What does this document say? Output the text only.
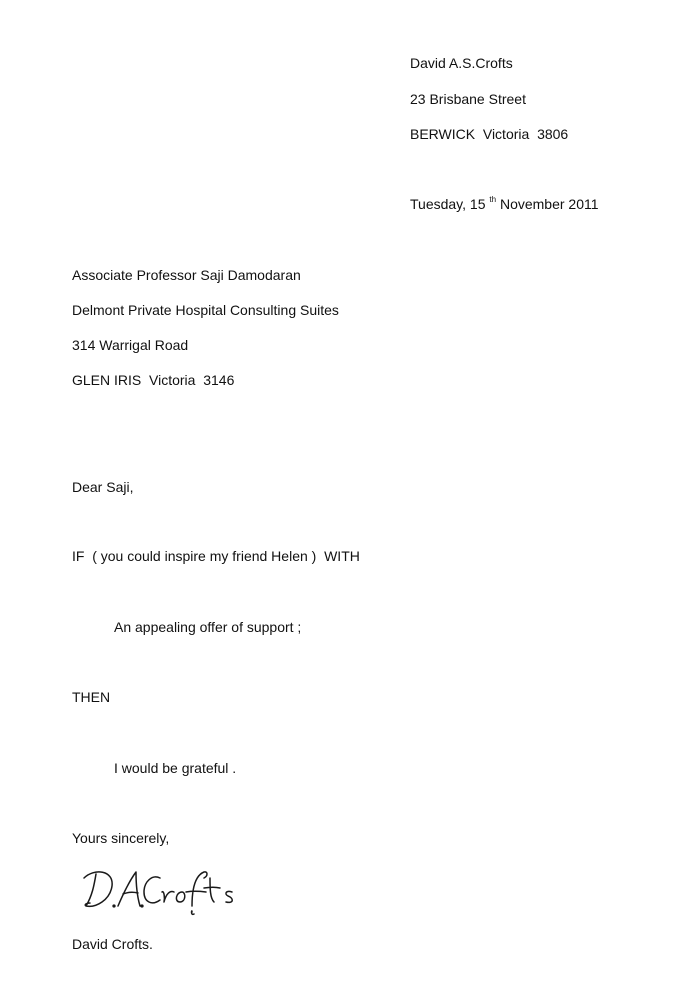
David A.S.Crofts
23 Brisbane Street
BERWICK  Victoria  3806
Tuesday, 15 $^{th}$ November 2011
Associate Professor Saji Damodaran
Delmont Private Hospital Consulting Suites
314 Warrigal Road
GLEN IRIS  Victoria  3146
Dear Saji,
IF  ( you could inspire my friend Helen )  WITH
An appealing offer of support ;
THEN
I would be grateful .
Yours sincerely,
David Crofts.
